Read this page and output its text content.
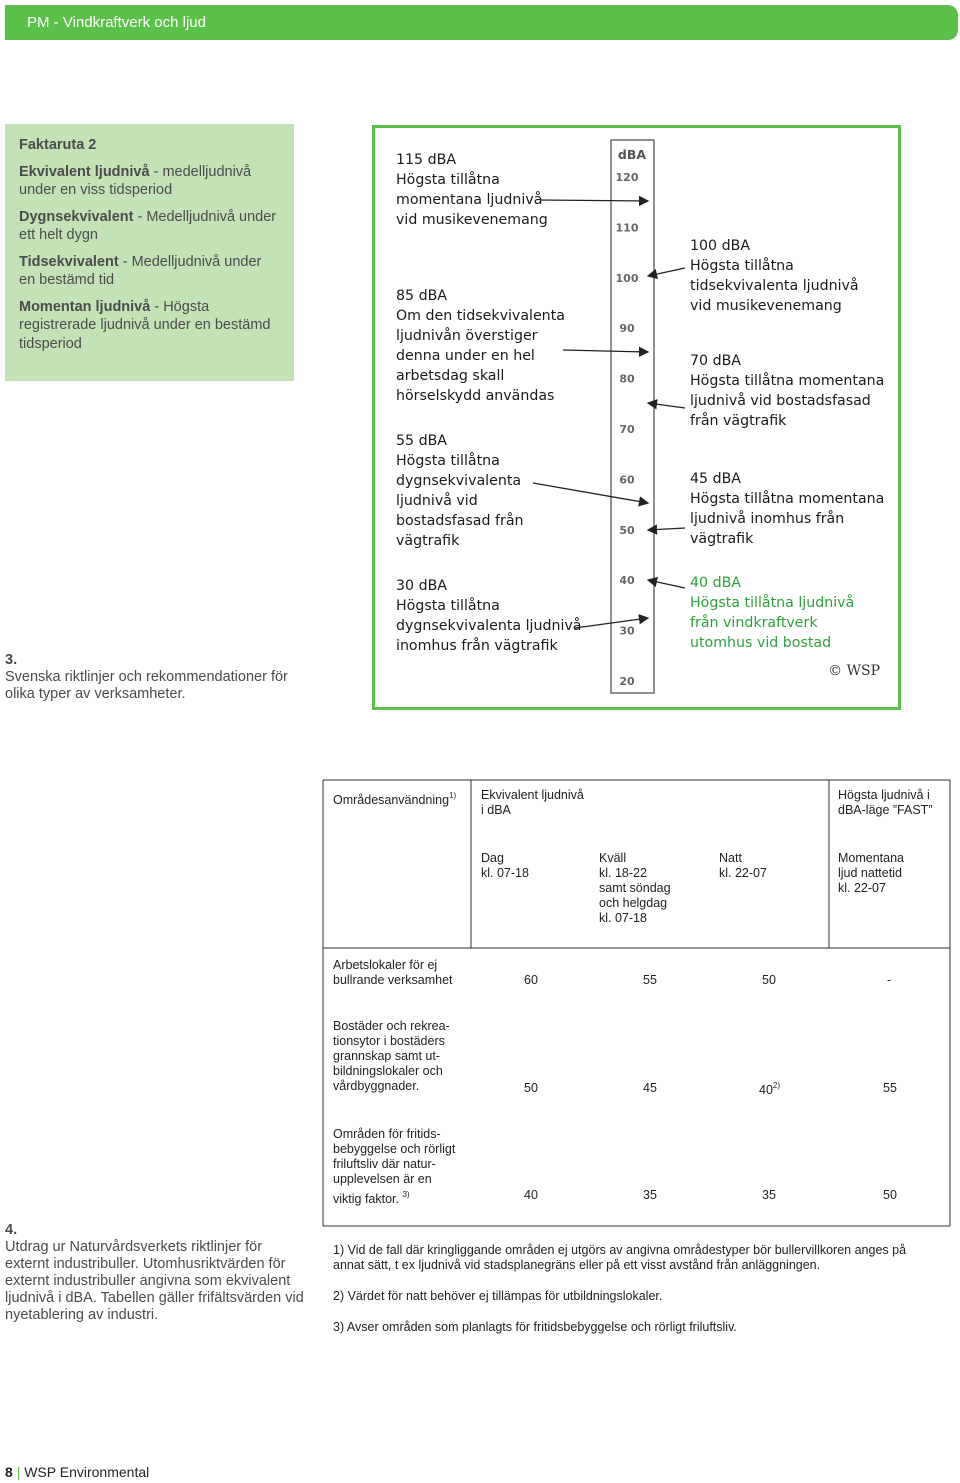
PM - Vindkraftverk och ljud
Faktaruta 2
Ekvivalent ljudnivå - medelljudnivå under en viss tidsperiod
Dygnsekvivalent - Medelljudnivå under ett helt dygn
Tidsekvivalent - Medelljudnivå under en bestämd tid
Momentan ljudnivå - Högsta registrerade ljudnivå under en bestämd tidsperiod
3.
Svenska riktlinjer och rekommendationer för olika typer av verksamheter.
dBA
120
110
100
90
80
70
60
50
40
30
20
115 dBA
Högsta tillåtna
momentana ljudnivå
vid musikevenemang
85 dBA
Om den tidsekvivalenta
ljudnivån överstiger
denna under en hel
arbetsdag skall
hörselskydd användas
55 dBA
Högsta tillåtna
dygnsekvivalenta
ljudnivå vid
bostadsfasad från
vägtrafik
30 dBA
Högsta tillåtna
dygnsekvivalenta ljudnivå
inomhus från vägtrafik
100 dBA
Högsta tillåtna
tidsekvivalenta ljudnivå
vid musikevenemang
70 dBA
Högsta tillåtna momentana
ljudnivå vid bostadsfasad
från vägtrafik
45 dBA
Högsta tillåtna momentana
ljudnivå inomhus från
vägtrafik
40 dBA
Högsta tillåtna ljudnivå
från vindkraftverk
utomhus vid bostad
© WSP
Områdesanvändning$^{1)}$ Ekvivalent ljudnivå
i dBA
Högsta ljudnivå i
dBA-läge ”FAST”
Dag
kl. 07-18
Kväll
kl. 18-22
samt söndag
och helgdag
kl. 07-18
Natt
kl. 22-07
Momentana
ljud nattetid
kl. 22-07
Arbetslokaler för ej
bullrande verksamhet	60	55	50	-
Bostäder och rekrea-
tionsytor i bostäders
grannskap samt ut-
bildningslokaler och
vårdbyggnader.	50	45	40$^{2)}$	55
Områden för fritids-
bebyggelse och rörligt
friluftsliv där natur-
upplevelsen är en
viktig faktor. $^{3)}$	40	35	35	50
4.
Utdrag ur Naturvårdsverkets riktlinjer för externt industribuller. Utomhusriktvärden för externt industribuller angivna som ekvivalent ljudnivå i dBA. Tabellen gäller frifältsvärden vid nyetablering av industri.
1) Vid de fall där kringliggande områden ej utgörs av angivna områdestyper bör bullervillkoren anges på
annat sätt, t ex ljudnivå vid stadsplanegräns eller på ett visst avstånd från anläggningen.
2) Värdet för natt behöver ej tillämpas för utbildningslokaler.
3) Avser områden som planlagts för fritidsbebyggelse och rörligt friluftsliv.
8 | WSP Environmental
